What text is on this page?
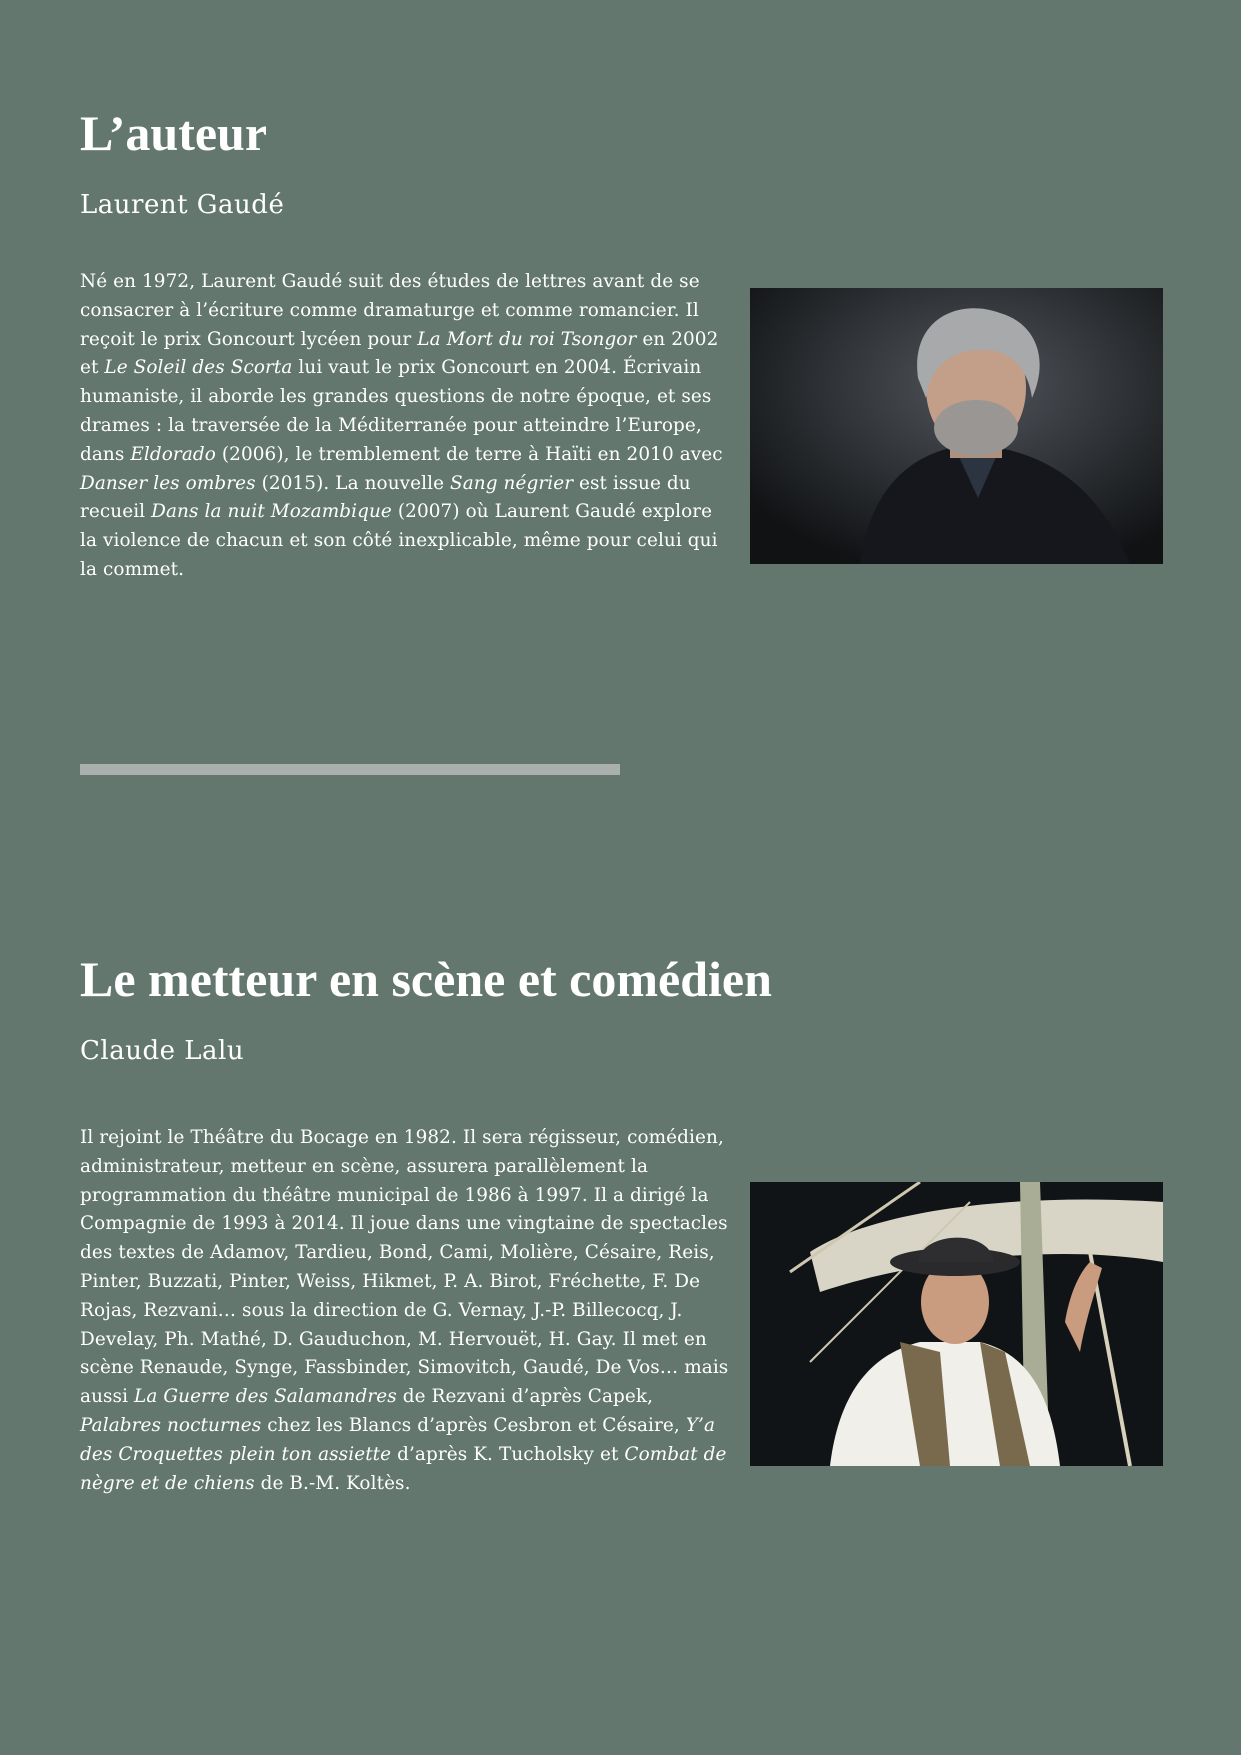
L’auteur
Laurent Gaudé

Né en 1972, Laurent Gaudé suit des études de lettres avant de se consacrer à l’écriture comme dramaturge et comme romancier. Il reçoit le prix Goncourt lycéen pour La Mort du roi Tsongor en 2002 et Le Soleil des Scorta lui vaut le prix Goncourt en 2004. Écrivain humaniste, il aborde les grandes questions de notre époque, et ses drames : la traversée de la Méditerranée pour atteindre l’Europe, dans Eldorado (2006), le tremblement de terre à Haïti en 2010 avec Danser les ombres (2015). La nouvelle Sang négrier est issue du recueil Dans la nuit Mozambique (2007) où Laurent Gaudé explore la violence de chacun et son côté inexplicable, même pour celui qui la commet.

Le metteur en scène et comédien
Claude Lalu

Il rejoint le Théâtre du Bocage en 1982. Il sera régisseur, comédien, administrateur, metteur en scène, assurera parallèlement la programmation du théâtre municipal de 1986 à 1997. Il a dirigé la Compagnie de 1993 à 2014. Il joue dans une vingtaine de spectacles des textes de Adamov, Tardieu, Bond, Cami, Molière, Césaire, Reis, Pinter, Buzzati, Pinter, Weiss, Hikmet, P. A. Birot, Fréchette, F. De Rojas, Rezvani… sous la direction de G. Vernay, J.-P. Billecocq, J. Develay, Ph. Mathé, D. Gauduchon, M. Hervouët, H. Gay. Il met en scène Renaude, Synge, Fassbinder, Simovitch, Gaudé, De Vos… mais aussi La Guerre des Salamandres de Rezvani d’après Capek, Palabres nocturnes chez les Blancs d’après Cesbron et Césaire, Y’a des Croquettes plein ton assiette d’après K. Tucholsky et Combat de nègre et de chiens de B.-M. Koltès.
